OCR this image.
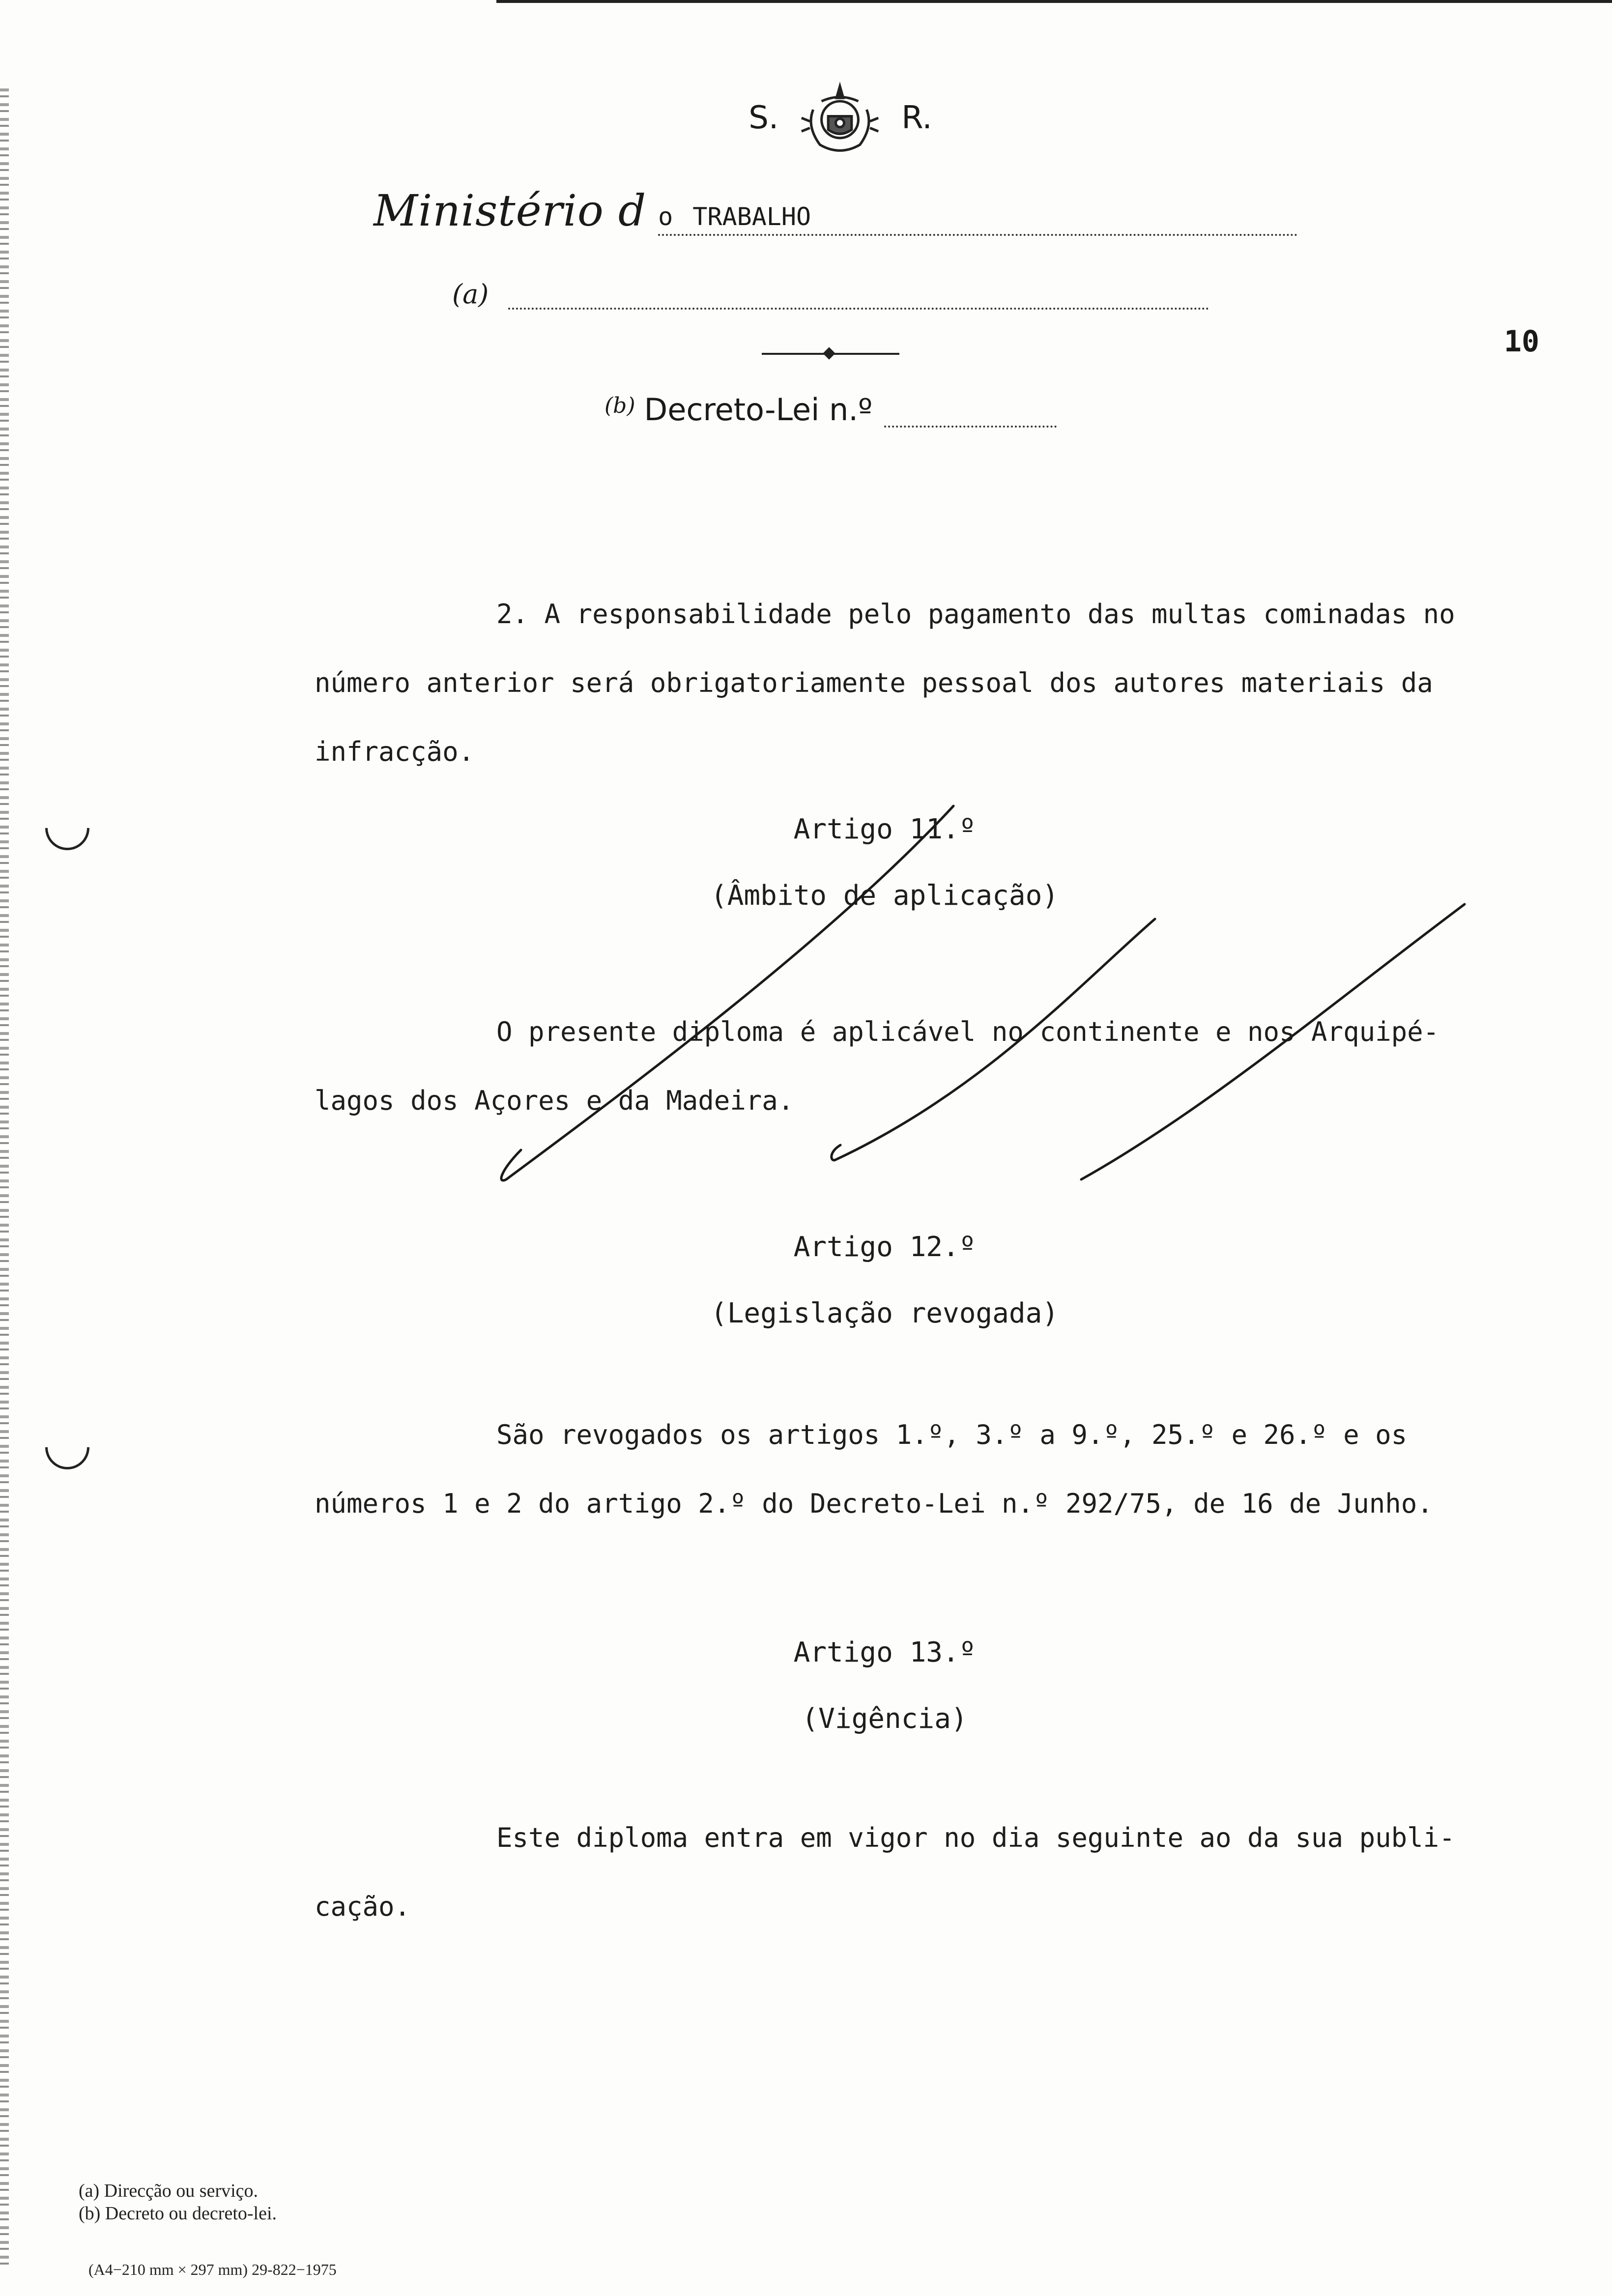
S.	R.
Ministério d o TRABALHO
(a)
10
(b) Decreto-Lei n.º
2. A responsabilidade pelo pagamento das multas cominadas no
número anterior será obrigatoriamente pessoal dos autores materiais da
infracção.
Artigo 11.º
(Âmbito de aplicação)
O presente diploma é aplicável no continente e nos Arquipé-
lagos dos Açores e da Madeira.
Artigo 12.º
(Legislação revogada)
São revogados os artigos 1.º, 3.º a 9.º, 25.º e 26.º e os
números 1 e 2 do artigo 2.º do Decreto-Lei n.º 292/75, de 16 de Junho.
Artigo 13.º
(Vigência)
Este diploma entra em vigor no dia seguinte ao da sua publi-
cação.
(a) Direcção ou serviço.
(b) Decreto ou decreto-lei.
(A4−210 mm × 297 mm) 29-822−1975
